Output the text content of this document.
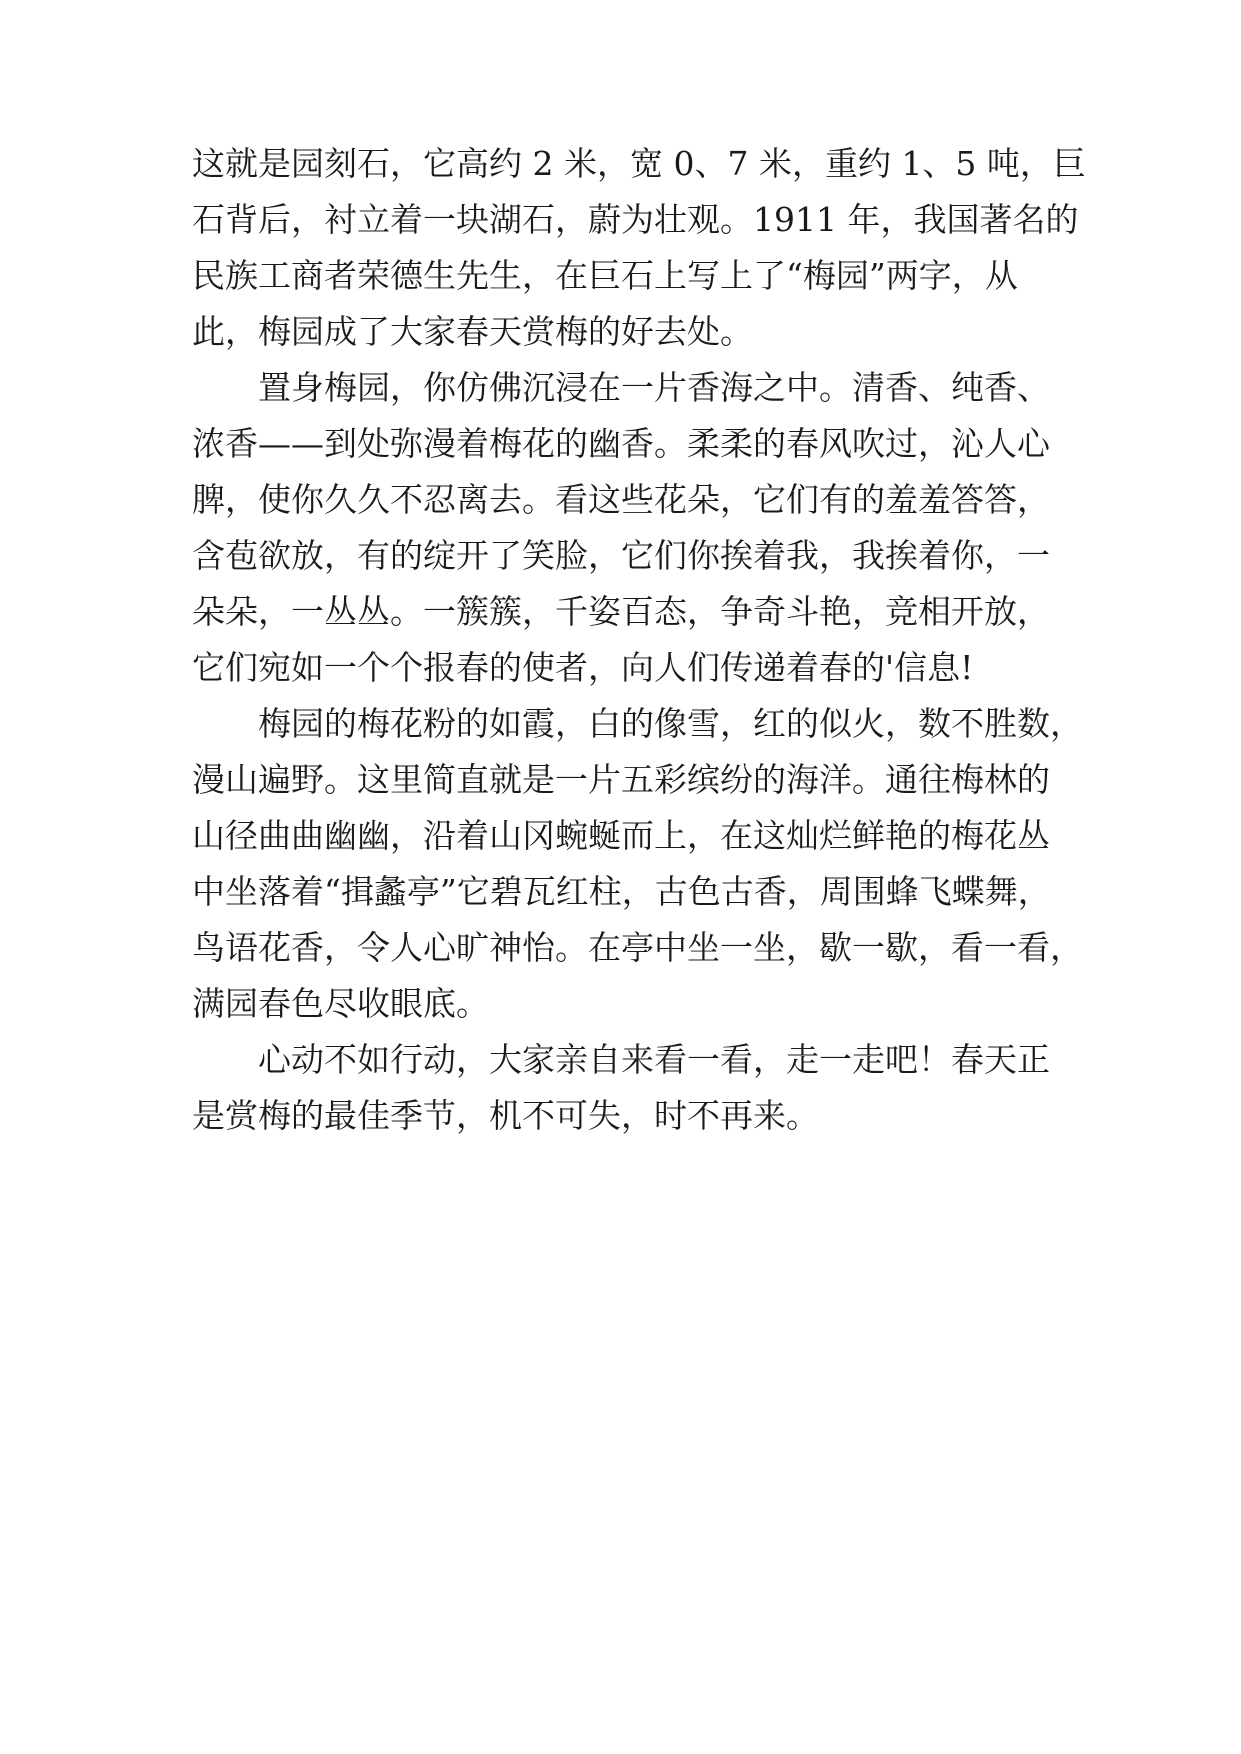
这就是园刻石，它高约 2 米，宽 0、7 米，重约 1、5 吨，巨
石背后，衬立着一块湖石，蔚为壮观。1911 年，我国著名的
民族工商者荣德生先生，在巨石上写上了“梅园”两字，从
此，梅园成了大家春天赏梅的好去处。
置身梅园，你仿佛沉浸在一片香海之中。清香、纯香、
浓香——到处弥漫着梅花的幽香。柔柔的春风吹过，沁人心
脾，使你久久不忍离去。看这些花朵，它们有的羞羞答答，
含苞欲放，有的绽开了笑脸，它们你挨着我，我挨着你，一
朵朵，一丛丛。一簇簇，千姿百态，争奇斗艳，竞相开放，
它们宛如一个个报春的使者，向人们传递着春的'信息!
梅园的梅花粉的如霞，白的像雪，红的似火，数不胜数，
漫山遍野。这里简直就是一片五彩缤纷的海洋。通往梅林的
山径曲曲幽幽，沿着山冈蜿蜒而上，在这灿烂鲜艳的梅花丛
中坐落着“揖蠡亭”它碧瓦红柱，古色古香，周围蜂飞蝶舞，
鸟语花香，令人心旷神怡。在亭中坐一坐，歇一歇，看一看，
满园春色尽收眼底。
心动不如行动，大家亲自来看一看，走一走吧！春天正
是赏梅的最佳季节，机不可失，时不再来。
